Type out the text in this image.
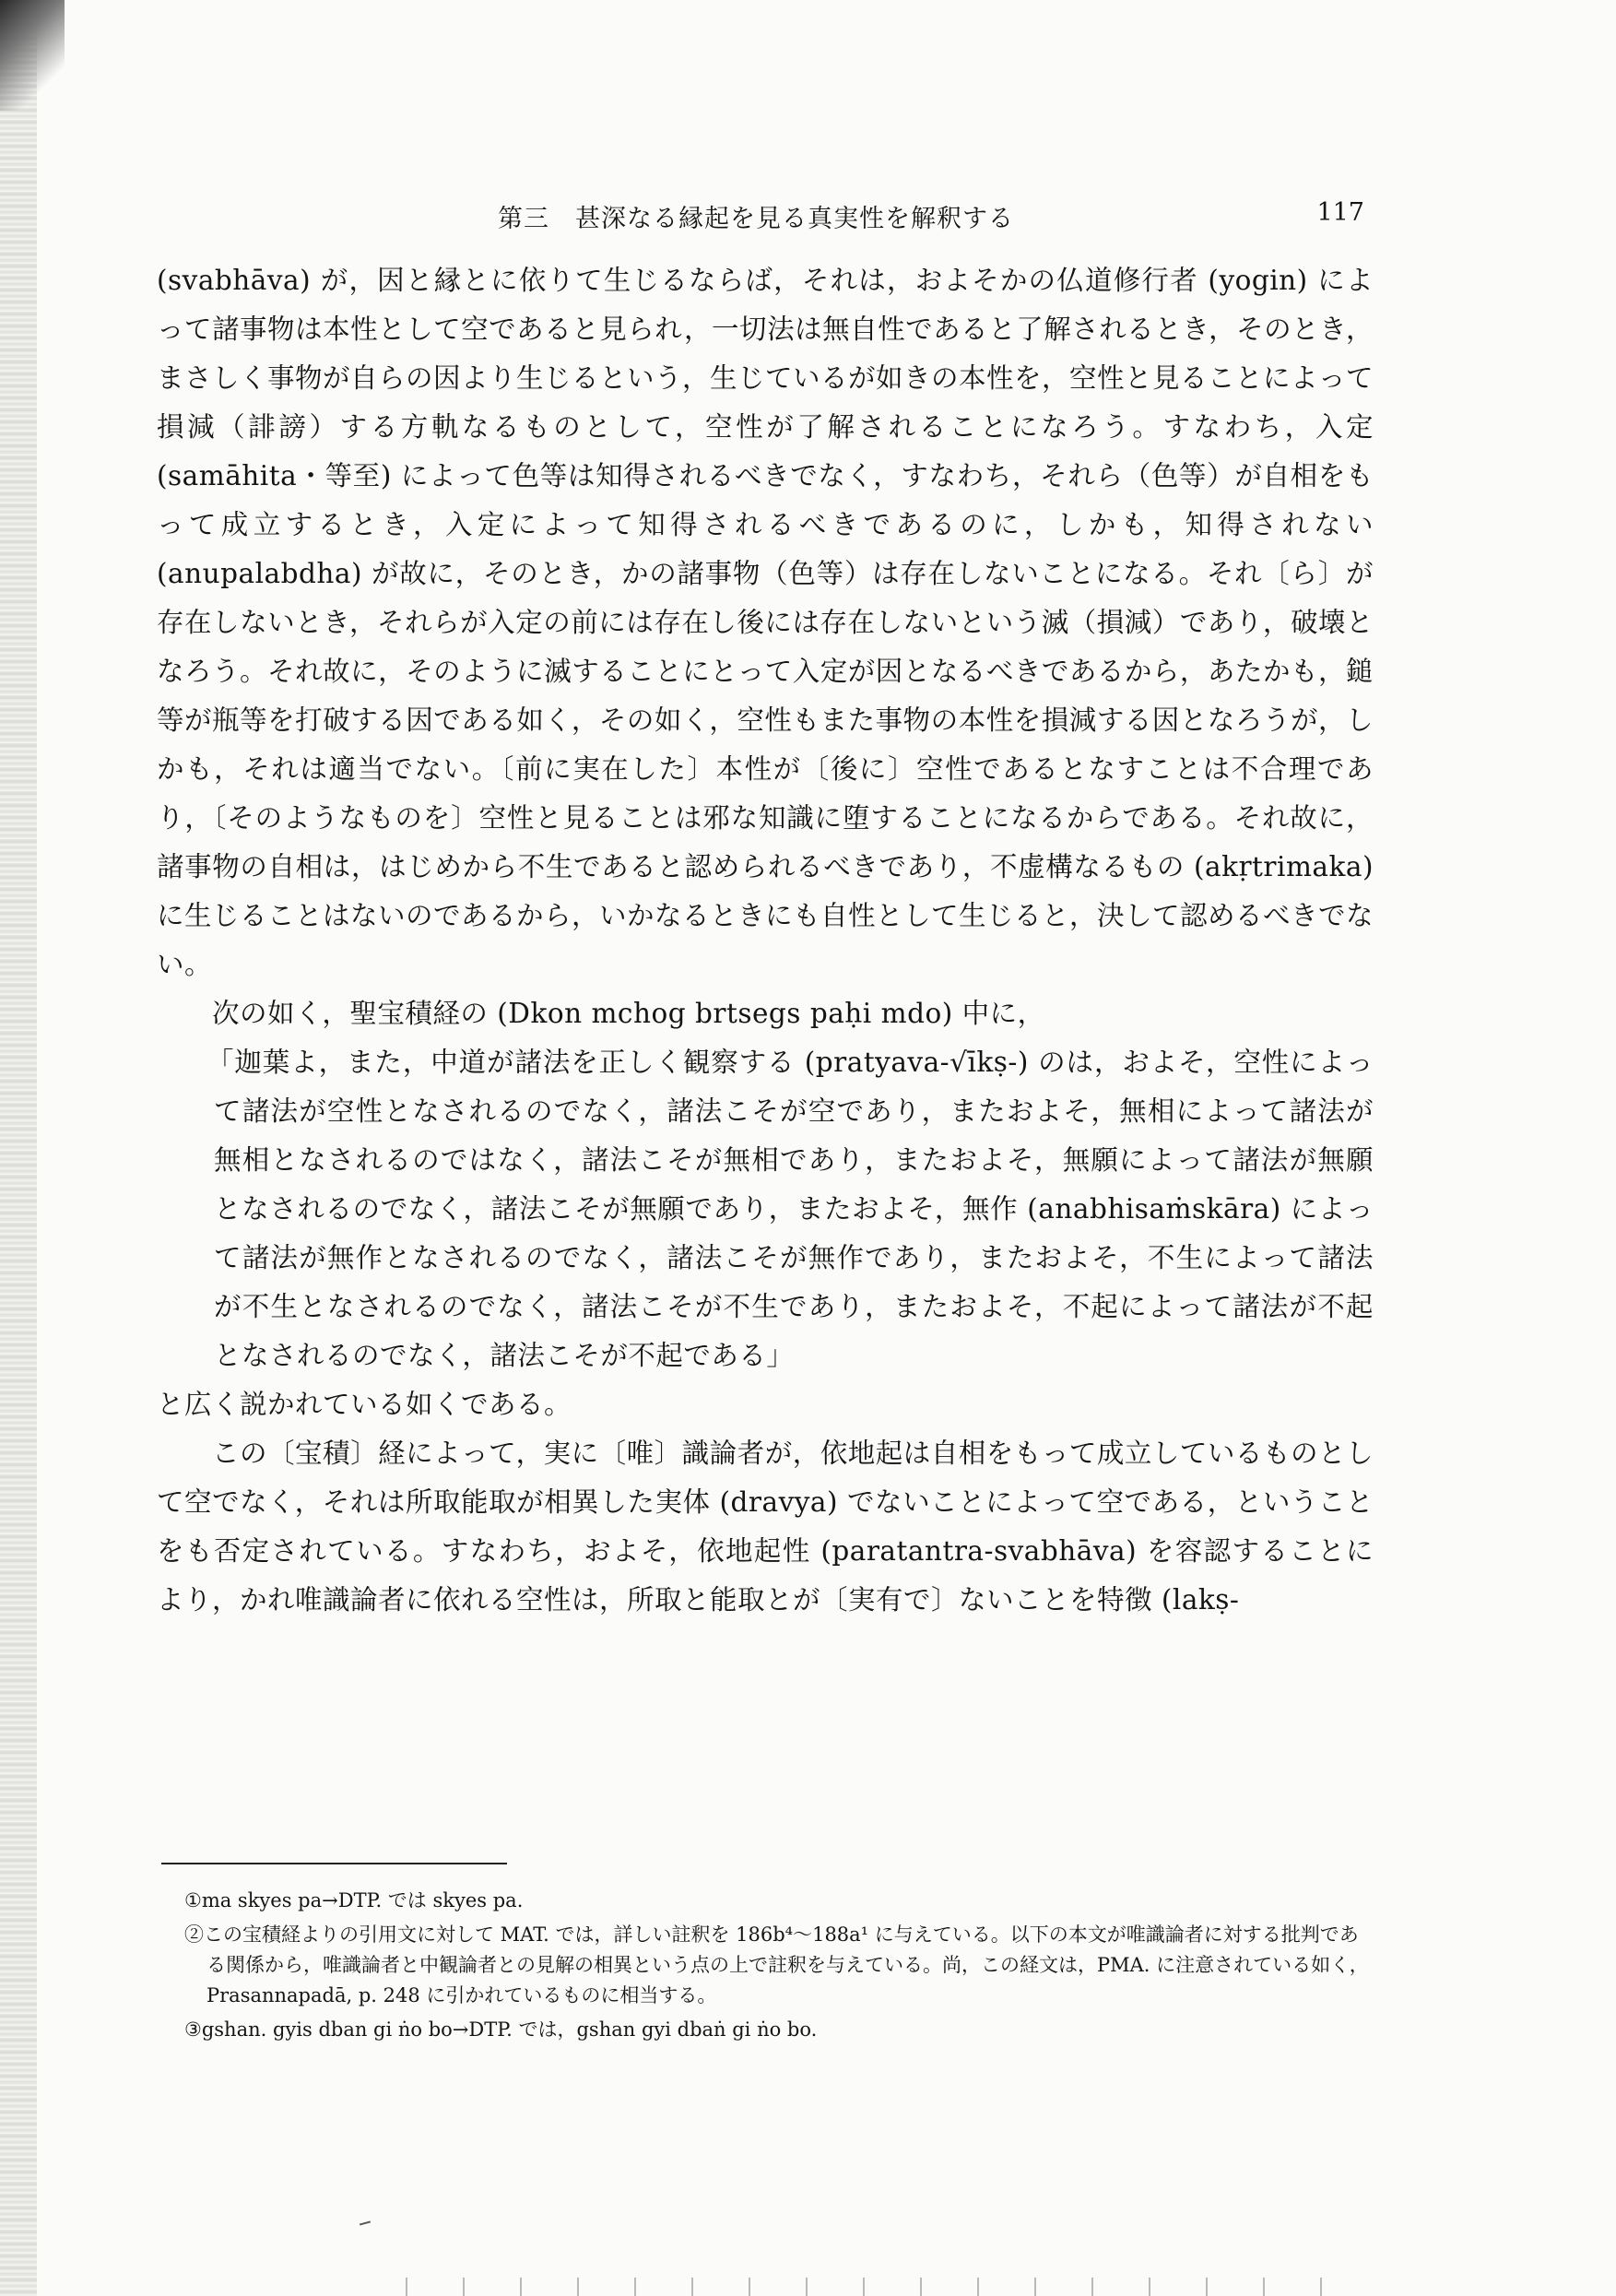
第三　甚深なる縁起を見る真実性を解釈する	117

(svabhāva) が，因と縁とに依りて生じるならば，それは，およそかの仏道修行者 (yogin) によって諸事物は本性として空であると見られ，一切法は無自性であると了解されるとき，そのとき，まさしく事物が自らの因より生じるという，生じているが如きの本性を，空性と見ることによって損減（誹謗）する方軌なるものとして，空性が了解されることになろう。すなわち，入定 (samāhita・等至) によって色等は知得されるべきでなく，すなわち，それら（色等）が自相をもって成立するとき，入定によって知得されるべきであるのに，しかも，知得されない (anupalabdha) が故に，そのとき，かの諸事物（色等）は存在しないことになる。それ〔ら〕が存在しないとき，それらが入定の前には存在し後には存在しないという滅（損減）であり，破壊となろう。それ故に，そのように滅することにとって入定が因となるべきであるから，あたかも，鎚等が瓶等を打破する因である如く，その如く，空性もまた事物の本性を損減する因となろうが，しかも，それは適当でない。〔前に実在した〕本性が〔後に〕空性であるとなすことは不合理であり，〔そのようなものを〕空性と見ることは邪な知識に堕することになるからである。それ故に，諸事物の自相は，はじめから不生であると認められるべきであり，不虚構なるもの (akṛtrimaka) に生じることはないのであるから，いかなるときにも自性として生じると，決して認めるべきでない。

次の如く，聖宝積経の (Dkon mchog brtsegs paḥi mdo) 中に，

「迦葉よ，また，中道が諸法を正しく観察する (pratyava-√īkṣ-) のは，およそ，空性によって諸法が空性となされるのでなく，諸法こそが空であり，またおよそ，無相によって諸法が無相となされるのではなく，諸法こそが無相であり，またおよそ，無願によって諸法が無願となされるのでなく，諸法こそが無願であり，またおよそ，無作 (anabhisaṁskāra) によって諸法が無作となされるのでなく，諸法こそが無作であり，またおよそ，不生によって諸法が不生となされるのでなく，諸法こそが不生であり，またおよそ，不起によって諸法が不起となされるのでなく，諸法こそが不起である」

と広く説かれている如くである。

この〔宝積〕経によって，実に〔唯〕識論者が，依地起は自相をもって成立しているものとして空でなく，それは所取能取が相異した実体 (dravya) でないことによって空である，ということをも否定されている。すなわち，およそ，依地起性 (paratantra-svabhāva) を容認することにより，かれ唯識論者に依れる空性は，所取と能取とが〔実有で〕ないことを特徴 (lakṣ-

①ma skyes pa→DTP. では skyes pa.

②この宝積経よりの引用文に対して MAT. では，詳しい註釈を 186b⁴〜188a¹ に与えている。以下の本文が唯識論者に対する批判である関係から，唯識論者と中観論者との見解の相異という点の上で註釈を与えている。尚，この経文は，PMA. に注意されている如く，Prasannapadā, p. 248 に引かれているものに相当する。

③gshan. gyis dban gi ṅo bo→DTP. では，gshan gyi dbaṅ gi ṅo bo.
